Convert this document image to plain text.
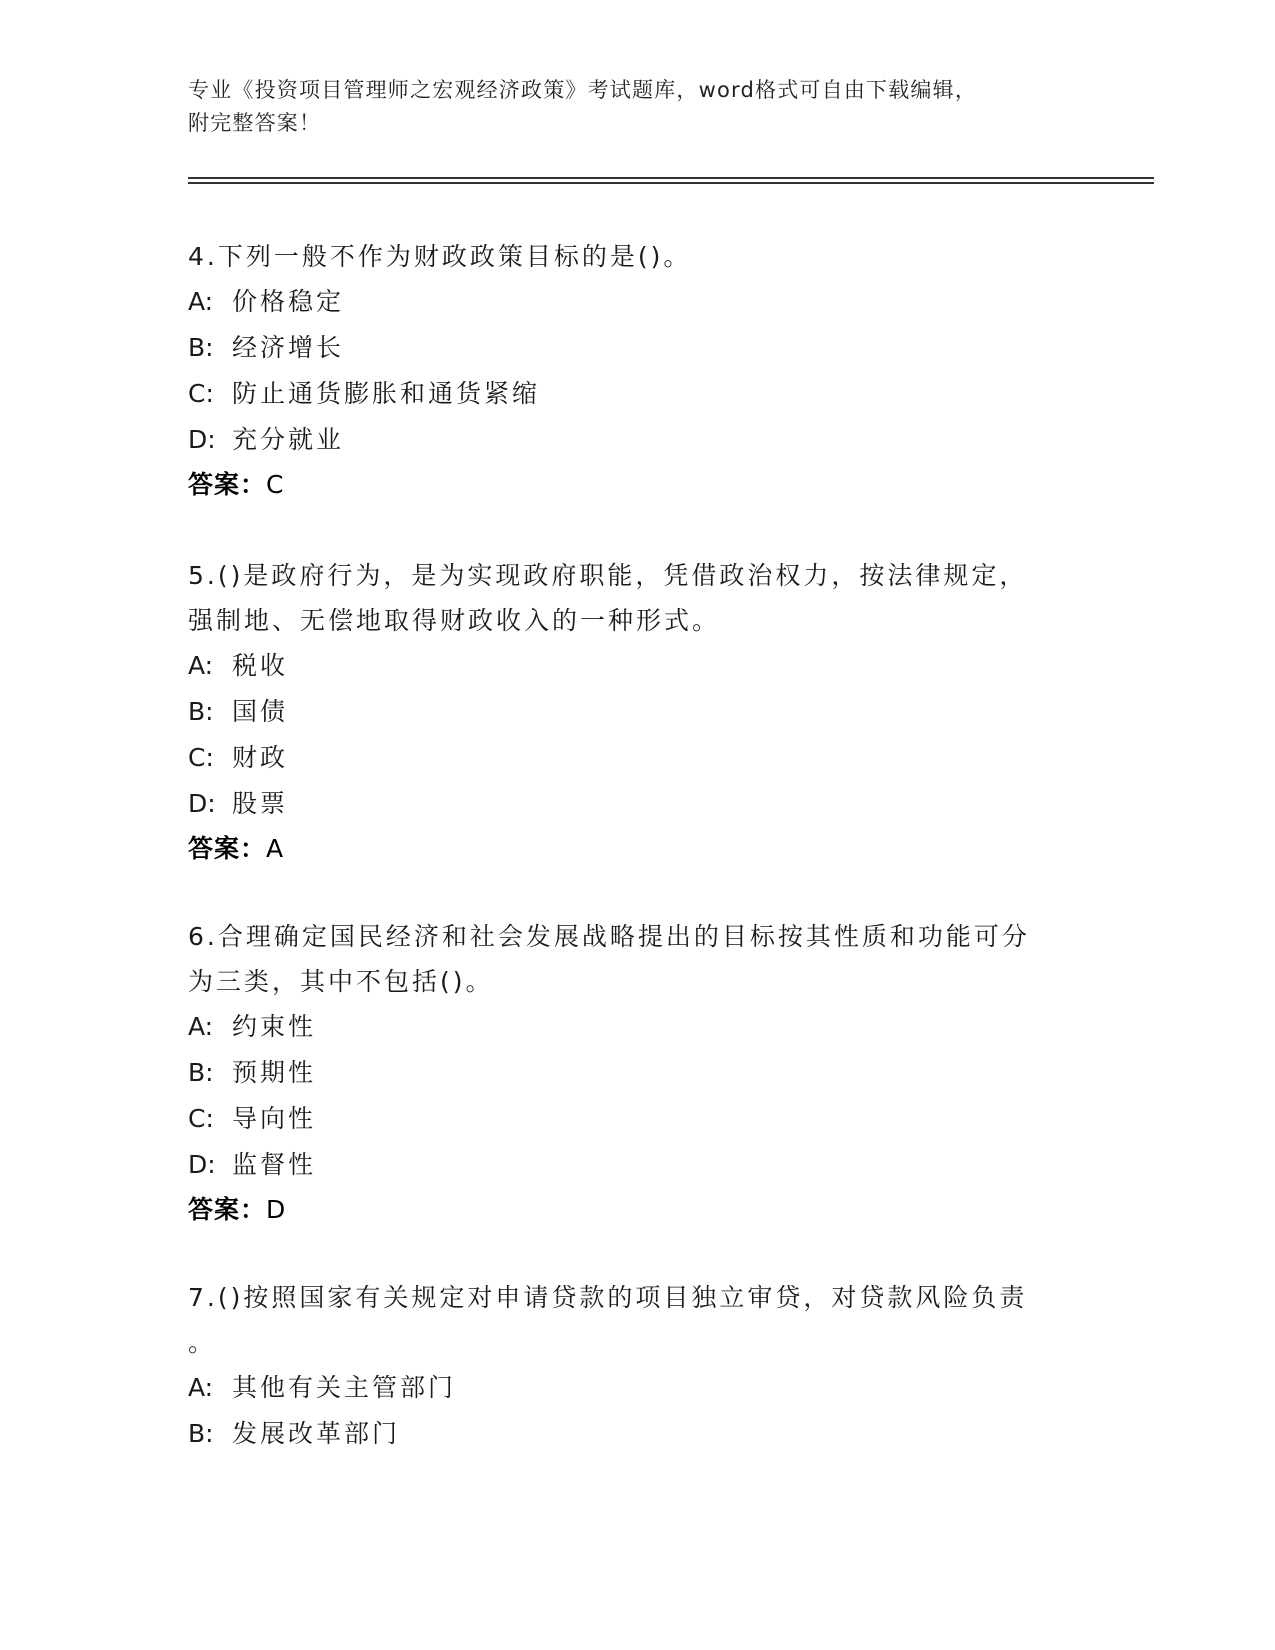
专业《投资项目管理师之宏观经济政策》考试题库，word格式可自由下载编辑，
附完整答案！
4.下列一般不作为财政政策目标的是()。
A: 价格稳定
B: 经济增长
C: 防止通货膨胀和通货紧缩
D: 充分就业
答案：C
5.()是政府行为，是为实现政府职能，凭借政治权力，按法律规定，
强制地、无偿地取得财政收入的一种形式。
A: 税收
B: 国债
C: 财政
D: 股票
答案：A
6.合理确定国民经济和社会发展战略提出的目标按其性质和功能可分
为三类，其中不包括()。
A: 约束性
B: 预期性
C: 导向性
D: 监督性
答案：D
7.()按照国家有关规定对申请贷款的项目独立审贷，对贷款风险负责
。
A: 其他有关主管部门
B: 发展改革部门
